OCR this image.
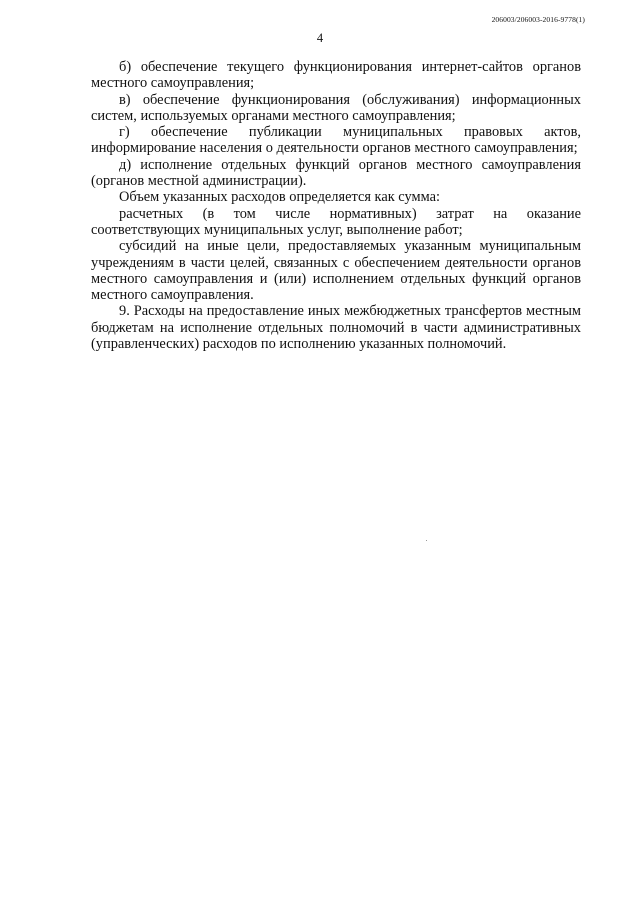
206003/206003-2016-9778(1)
4

б) обеспечение текущего функционирования интернет-сайтов органов местного самоуправления;

в) обеспечение функционирования (обслуживания) информационных систем, используемых органами местного самоуправления;

г) обеспечение публикации муниципальных правовых актов, информирование населения о деятельности органов местного самоуправления;

д) исполнение отдельных функций органов местного самоуправления (органов местной администрации).

Объем указанных расходов определяется как сумма:

расчетных (в том числе нормативных) затрат на оказание соответствующих муниципальных услуг, выполнение работ;

субсидий на иные цели, предоставляемых указанным муниципальным учреждениям в части целей, связанных с обеспечением деятельности органов местного самоуправления и (или) исполнением отдельных функций органов местного самоуправления.

9. Расходы на предоставление иных межбюджетных трансфертов местным бюджетам на исполнение отдельных полномочий в части административных (управленческих) расходов по исполнению указанных полномочий.
